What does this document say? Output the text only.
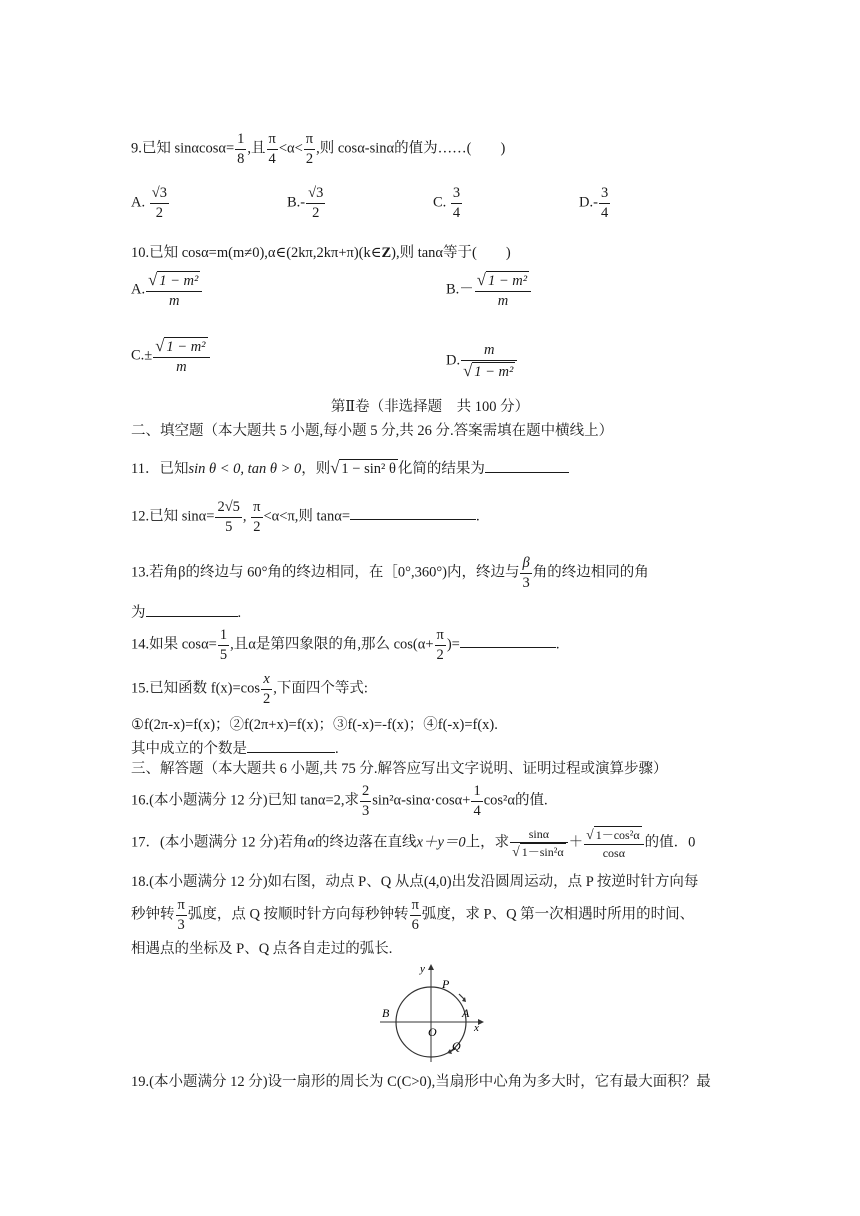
9.已知 $\sin\alpha\cos\alpha= \frac{1}{8}$ ,且 $\frac{\pi}{4} <\alpha< \frac{\pi}{2}$ ,则 cosα-sinα的值为……(　　)
A. $\frac{√3}{2}$	$B.- \frac{√3}{2}$	C. $\frac{3}{4}$	$D.- \frac{3}{4}$
10.已知 cosα=m(m≠0),α∈(2kπ,2kπ+π)(k∈Z),则 tanα等于(　　)
A. $\frac{\text{√ 1 − m²}}{m}$	$B.- \frac{\text{√ 1 − m²}}{m}$
$C.\pm \frac{\text{√ 1 − m²}}{m}$	D. $\frac{m}{\text{√ 1 − m²}}$
第Ⅱ卷（非选择题　共 100 分）
二、填空题（本大题共 5 小题,每小题 5 分,共 26 分.答案需填在题中横线上）
11．已知sin θ < 0, tan θ > 0，则√ 1 − sin² θ 化简的结果为
12.已知 $\sin\alpha= \frac{2√5}{5}$ , $\frac{\pi}{2} <\alpha<\pi$,则 tanα=	.
13.若角β的终边与 60°角的终边相同，在［0°,360°)内，终边与 $\frac{\beta}{3}$ 角的终边相同的角
为	.
14.如果 $\cos\alpha= \frac{1}{5}$ ,且α是第四象限的角,那么 $\cos(\alpha+ \frac{\pi}{2}$ )=	.
15.已知函数 $f(x)=\cos \frac{x}{2}$ ,下面四个等式:
①f(2π-x)=f(x)；②f(2π+x)=f(x)；③f(-x)=-f(x)；④f(-x)=f(x).
其中成立的个数是	.
三、解答题（本大题共 6 小题,共 75 分.解答应写出文字说明、证明过程或演算步骤）
16.(本小题满分 12 分)已知 tanα=2,求 $\frac{2}{3} \sin^2\alpha-\sin\alpha\cdot\cos\alpha+ \frac{1}{4} \cos^2\alpha$的值.
17．(本小题满分 12 分)若角α的终边落在直线x＋y＝0上，求 $\frac{\sin\alpha}{\text{√ 1－sin²α}} + \frac{\text{√ 1－cos²α}}{\cos\alpha}$ 的值．0
18.(本小题满分 12 分)如右图，动点 P、Q 从点(4,0)出发沿圆周运动，点 P 按逆时针方向每
秒钟转 $\frac{\pi}{3}$ 弧度，点 Q 按顺时针方向每秒钟转 $\frac{\pi}{6}$ 弧度，求 P、Q 第一次相遇时所用的时间、
相遇点的坐标及 P、Q 点各自走过的弧长.
y
x
P
Q
A
B
O
19.(本小题满分 12 分)设一扇形的周长为 C(C>0),当扇形中心角为多大时，它有最大面积？最
